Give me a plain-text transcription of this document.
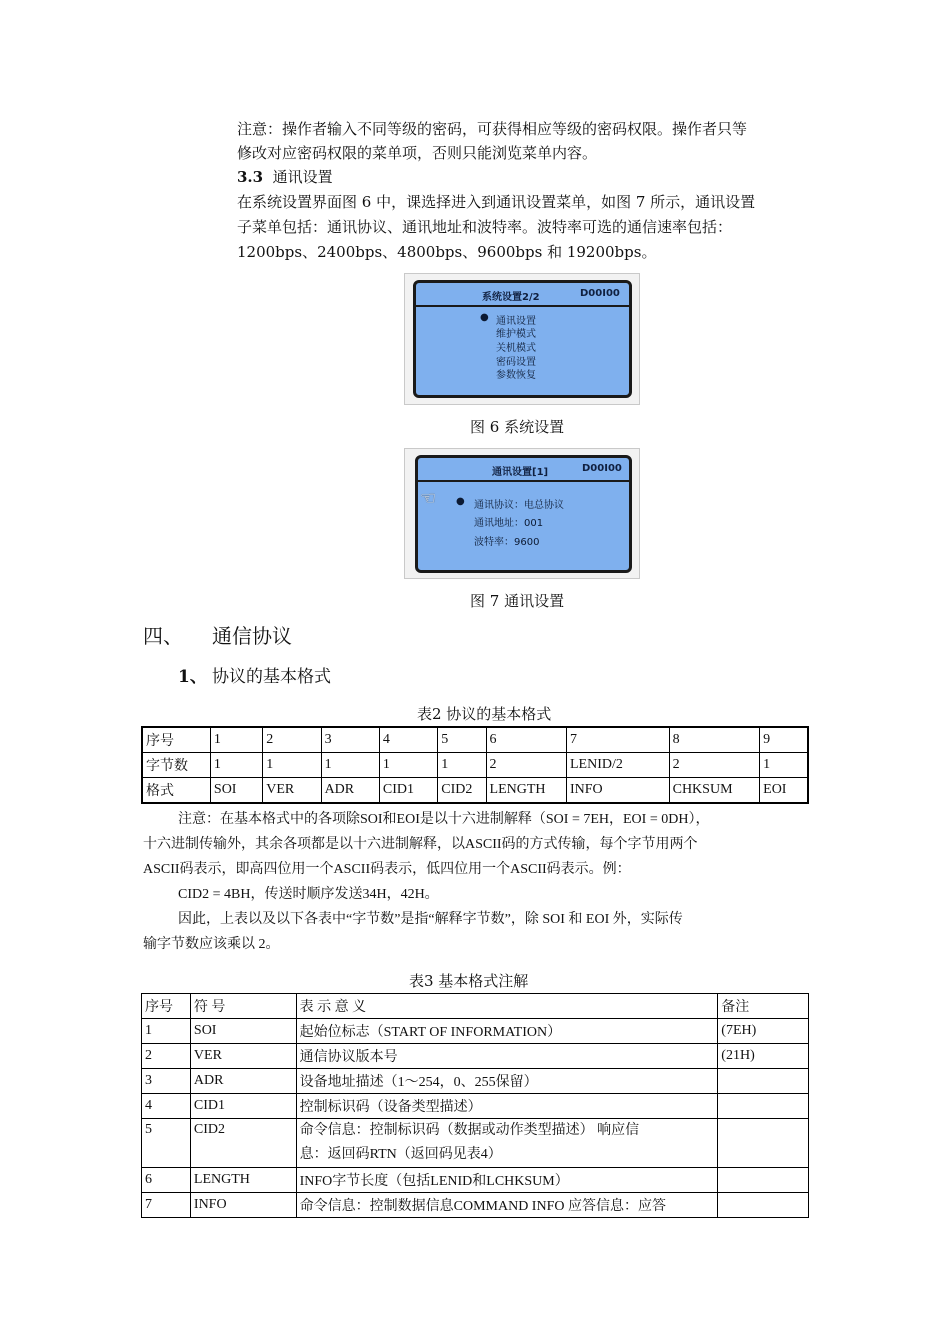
注意：操作者输入不同等级的密码，可获得相应等级的密码权限。操作者只等
修改对应密码权限的菜单项，否则只能浏览菜单内容。
3.3 通讯设置
在系统设置界面图 6 中，课选择进入到通讯设置菜单，如图 7 所示，通讯设置
子菜单包括：通讯协议、通讯地址和波特率。波特率可选的通信速率包括：
1200bps、2400bps、4800bps、9600bps 和 19200bps。
系统设置2/2	D00I00
● 通讯设置
维护模式
关机模式
密码设置
参数恢复
图 6 系统设置
通讯设置[1]	D00I00
☜ ● 通讯协议：电总协议
通讯地址：001
波特率：9600
图 7 通讯设置
四、 通信协议
1、 协议的基本格式
表2 协议的基本格式
序号	1	2	3	4	5	6	7	8	9
字节数	1	1	1	1	1	2	LENID/2	2	1
格式	SOI	VER	ADR	CID1	CID2	LENGTH	INFO	CHKSUM	EOI
注意：在基本格式中的各项除SOI和EOI是以十六进制解释（SOI = 7EH，EOI = 0DH），
十六进制传输外，其余各项都是以十六进制解释，以ASCII码的方式传输，每个字节用两个
ASCII码表示，即高四位用一个ASCII码表示，低四位用一个ASCII码表示。例：
CID2 = 4BH，传送时顺序发送34H，42H。
因此，上表以及以下各表中“字节数”是指“解释字节数”，除 SOI 和 EOI 外，实际传
输字节数应该乘以 2。
表3 基本格式注解
序号	符 号	表 示 意 义	备注
1	SOI	起始位标志（START OF INFORMATION）	(7EH)
2	VER	通信协议版本号	(21H)
3	ADR	设备地址描述（1～254，0、255保留）	
4	CID1	控制标识码（设备类型描述）	
5	CID2	命令信息：控制标识码（数据或动作类型描述） 响应信
息：返回码RTN（返回码见表4）	

6	LENGTH	INFO字节长度（包括LENID和LCHKSUM）	
7	INFO	命令信息：控制数据信息COMMAND INFO 应答信息：应答	
